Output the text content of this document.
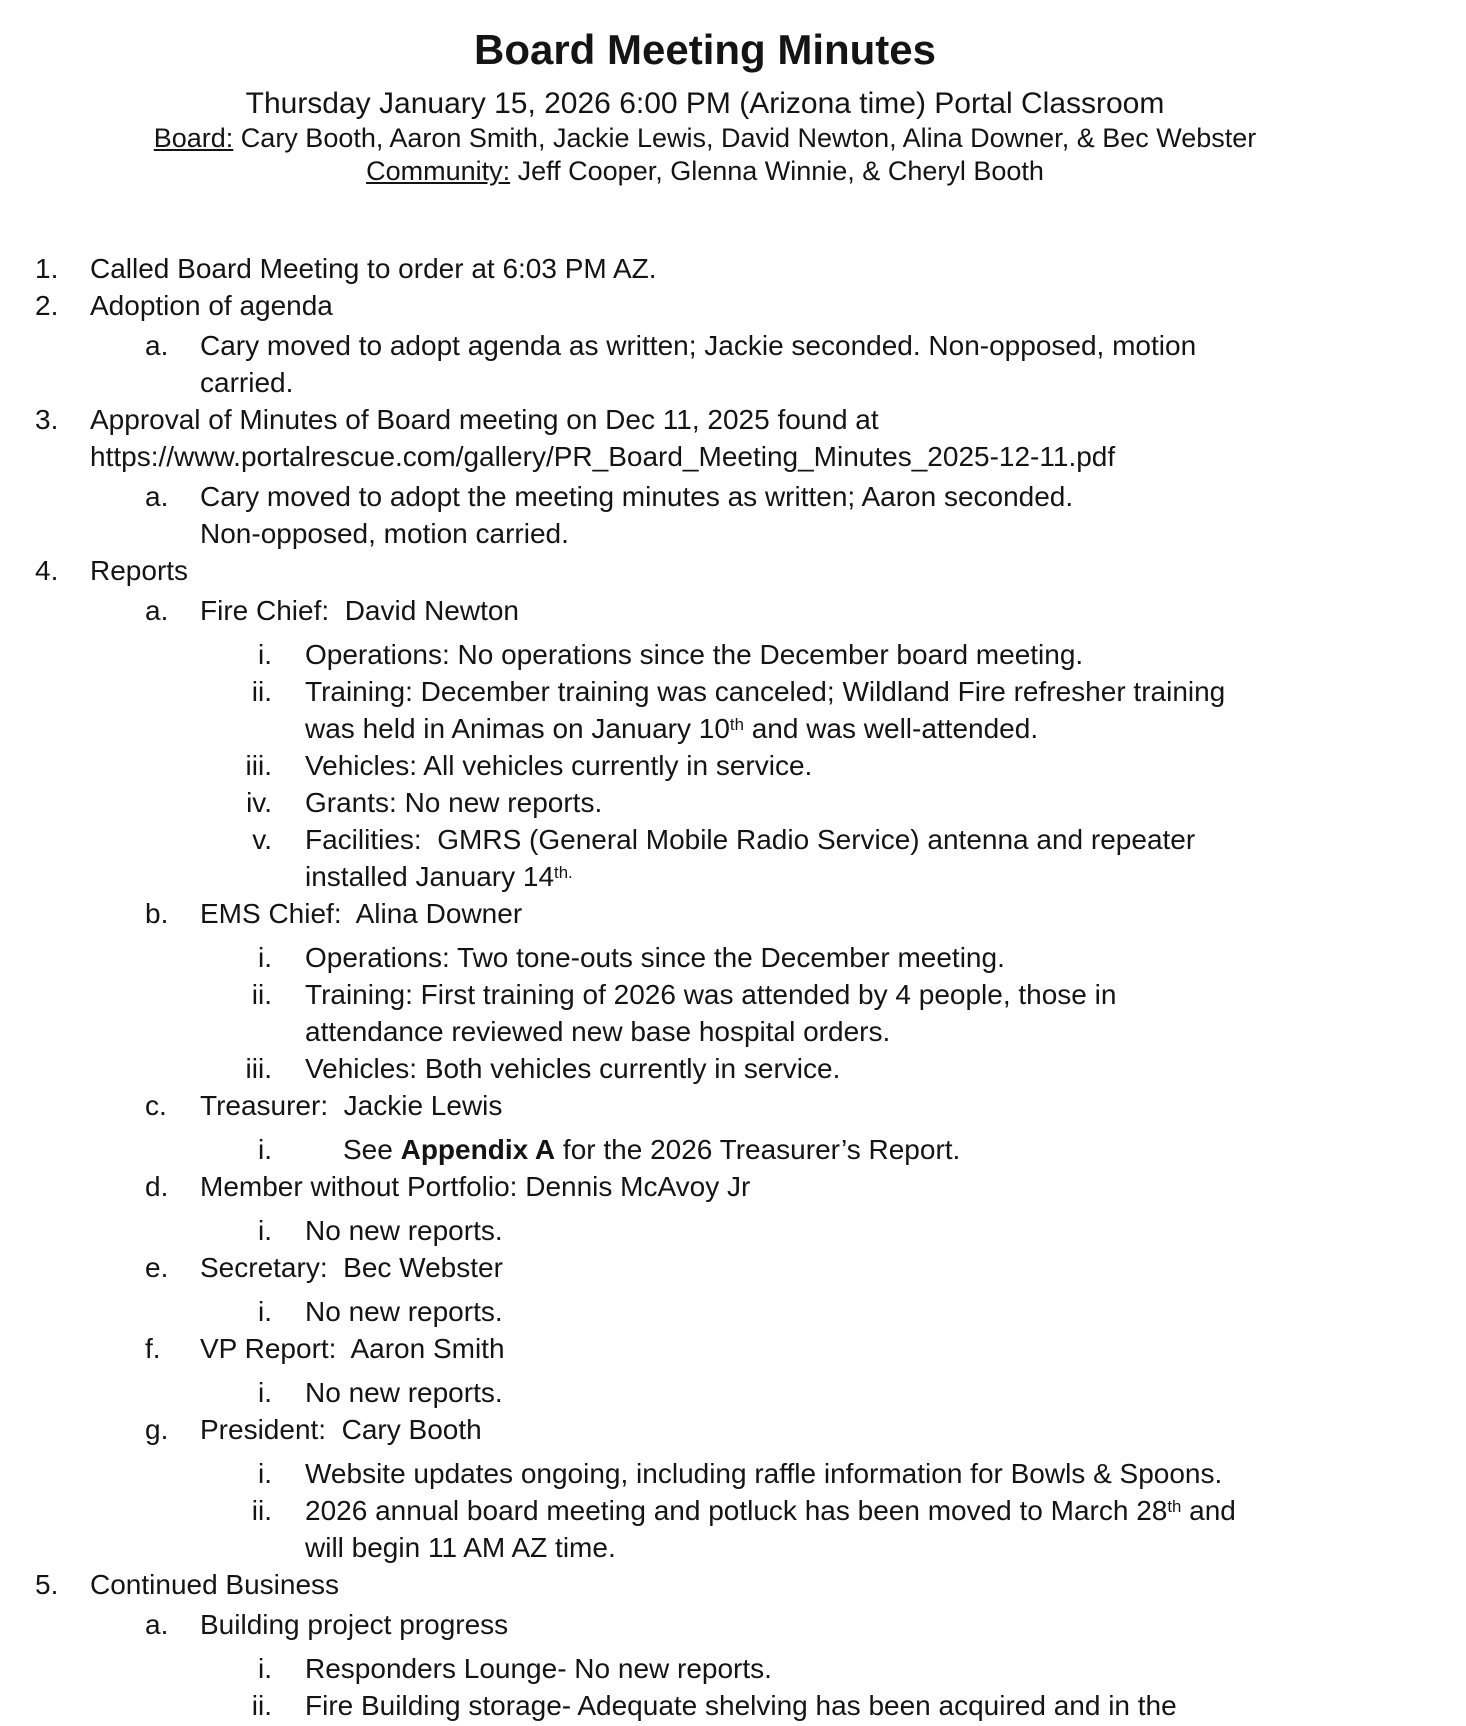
Board Meeting Minutes
Thursday January 15, 2026 6:00 PM (Arizona time) Portal Classroom
Board: Cary Booth, Aaron Smith, Jackie Lewis, David Newton, Alina Downer, & Bec Webster
Community: Jeff Cooper, Glenna Winnie, & Cheryl Booth
1. Called Board Meeting to order at 6:03 PM AZ.
2. Adoption of agenda
a. Cary moved to adopt agenda as written; Jackie seconded. Non-opposed, motion
carried.
3. Approval of Minutes of Board meeting on Dec 11, 2025 found at
https://www.portalrescue.com/gallery/PR_Board_Meeting_Minutes_2025-12-11.pdf
a. Cary moved to adopt the meeting minutes as written; Aaron seconded.
Non-opposed, motion carried.
4. Reports
a. Fire Chief:  David Newton
i. Operations: No operations since the December board meeting.
ii. Training: December training was canceled; Wildland Fire refresher training
was held in Animas on January 10th and was well-attended.
iii. Vehicles: All vehicles currently in service.
iv. Grants: No new reports.
v. Facilities:  GMRS (General Mobile Radio Service) antenna and repeater
installed January $14^{th.}$
b. EMS Chief:  Alina Downer
i. Operations: Two tone-outs since the December meeting.
ii. Training: First training of 2026 was attended by 4 people, those in
attendance reviewed new base hospital orders.
iii. Vehicles: Both vehicles currently in service.
c. Treasurer:  Jackie Lewis
i.	See Appendix A for the 2026 Treasurer’s Report.
d. Member without Portfolio: Dennis McAvoy Jr
i. No new reports.
e. Secretary:  Bec Webster
i. No new reports.
f. VP Report:  Aaron Smith
i. No new reports.
g. President:  Cary Booth
i. Website updates ongoing, including raffle information for Bowls & Spoons.
ii. 2026 annual board meeting and potluck has been moved to March 28th and
will begin 11 AM AZ time.
5. Continued Business
a. Building project progress
i. Responders Lounge- No new reports.
ii. Fire Building storage- Adequate shelving has been acquired and in the
